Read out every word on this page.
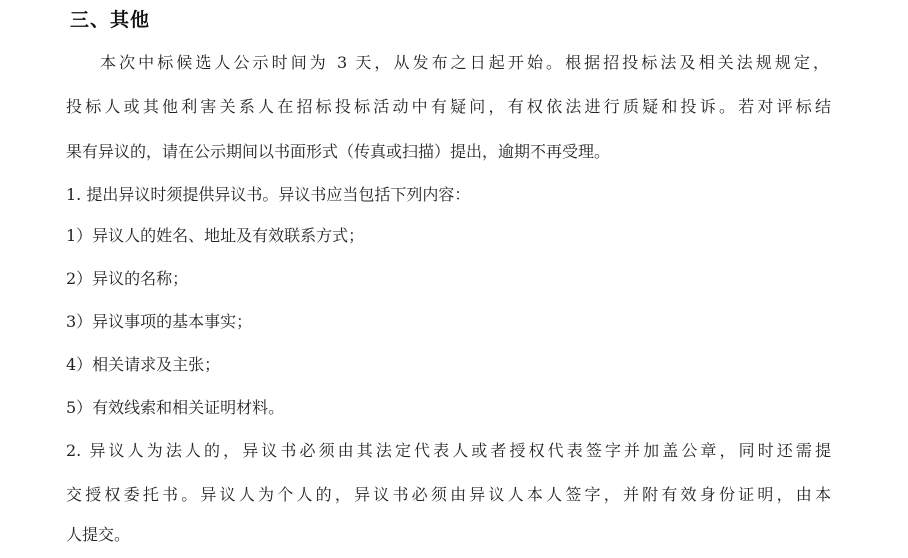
三、其他

本次中标候选人公示时间为 3 天，从发布之日起开始。根据招投标法及相关法规规定，

投标人或其他利害关系人在招标投标活动中有疑问，有权依法进行质疑和投诉。若对评标结

果有异议的，请在公示期间以书面形式（传真或扫描）提出，逾期不再受理。

1. 提出异议时须提供异议书。异议书应当包括下列内容：

1）异议人的姓名、地址及有效联系方式；

2）异议的名称；

3）异议事项的基本事实；

4）相关请求及主张；

5）有效线索和相关证明材料。

2. 异议人为法人的，异议书必须由其法定代表人或者授权代表签字并加盖公章，同时还需提

交授权委托书。异议人为个人的，异议书必须由异议人本人签字，并附有效身份证明，由本

人提交。
